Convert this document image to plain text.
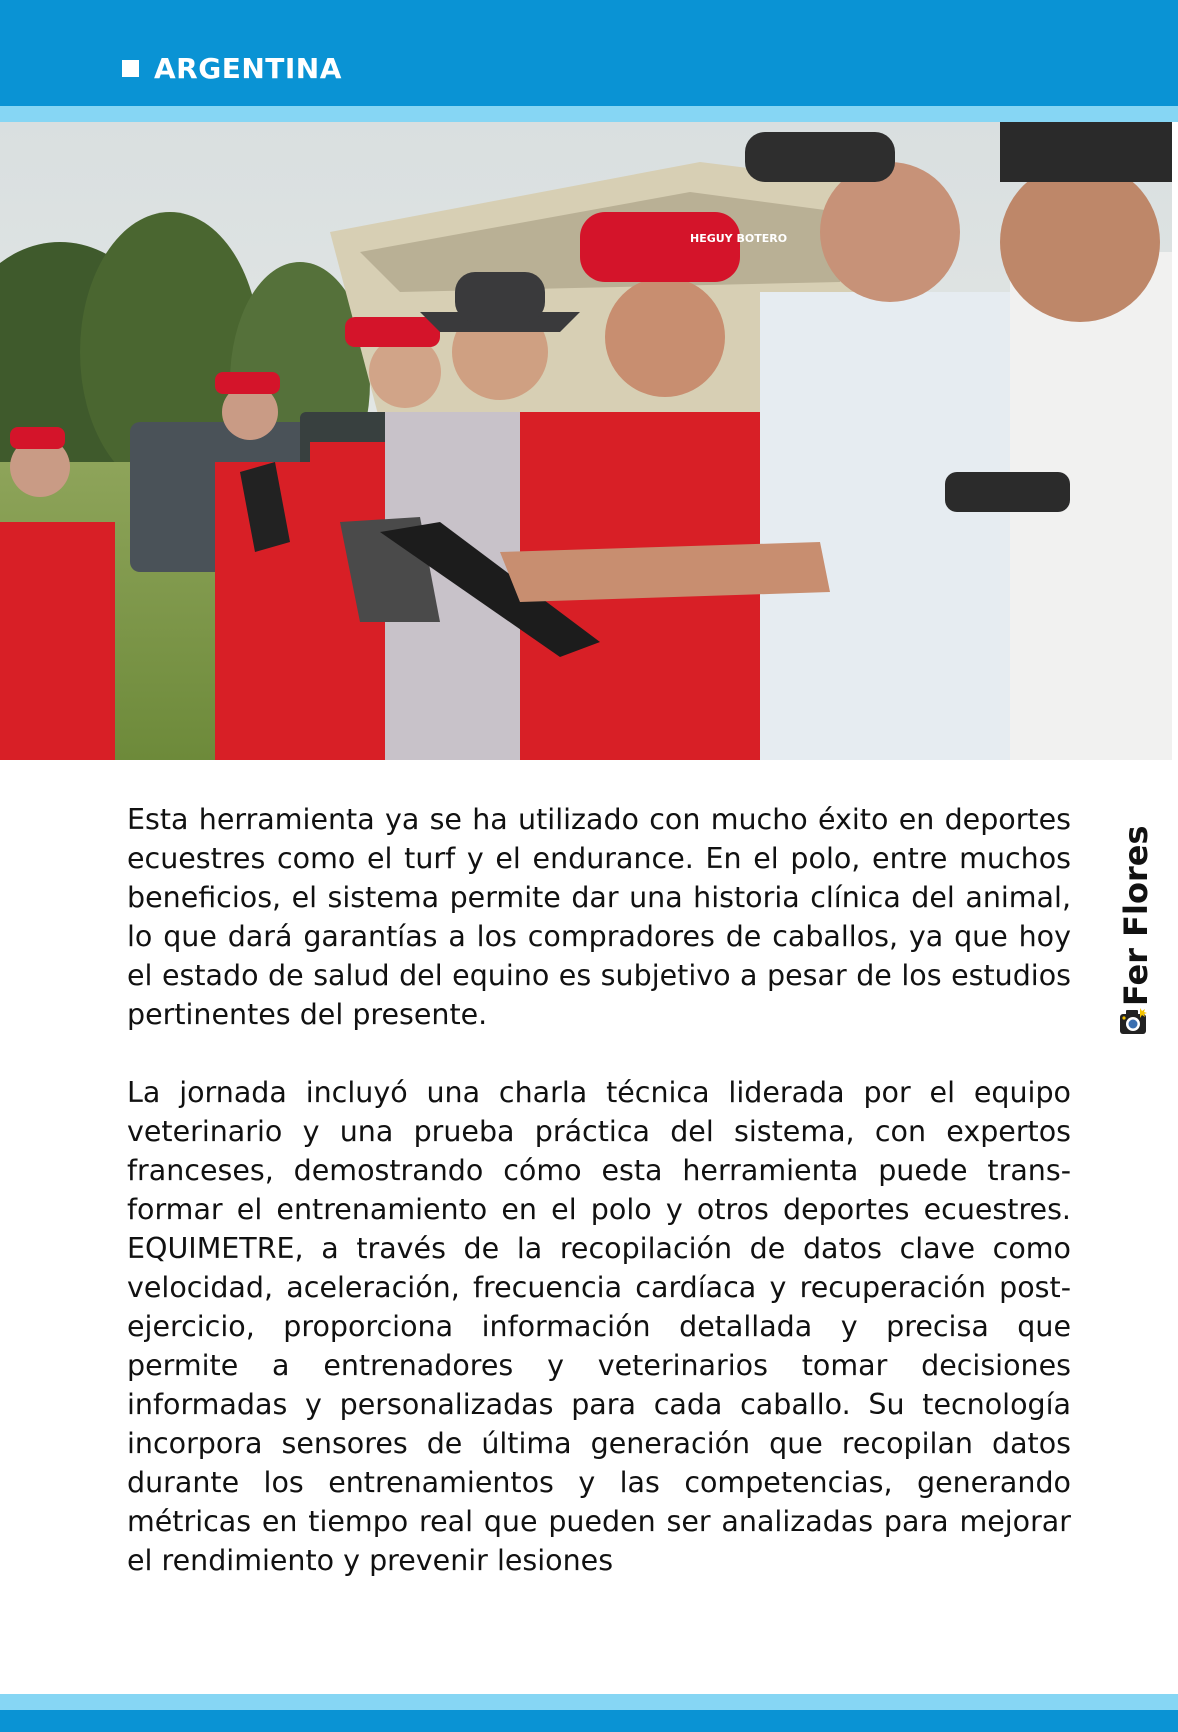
ARGENTINA
HEGUY BOTERO

Esta herramienta ya se ha utilizado con mucho éxito en deportes ecuestres como el turf y el endurance. En el polo, entre muchos beneficios, el sistema permite dar una historia clínica del animal, lo que dará garantías a los compradores de caballos, ya que hoy el estado de salud del equino es subjetivo a pesar de los estudios pertinentes del presente.

La jornada incluyó una charla técnica liderada por el equipo veterinario y una prueba práctica del sistema, con expertos franceses, demostrando cómo esta herramienta puede transformar el entrenamiento en el polo y otros deportes ecuestres. EQUIMETRE, a través de la recopilación de datos clave como velocidad, aceleración, frecuencia cardíaca y recuperación post-ejercicio, proporciona información detallada y precisa que permite a entrenadores y veterinarios tomar decisiones informadas y personalizadas para cada caballo. Su tecnología incorpora sensores de última generación que recopilan datos durante los entrenamientos y las competencias, generando métricas en tiempo real que pueden ser analizadas para mejorar el rendimiento y prevenir lesiones

Fer Flores
